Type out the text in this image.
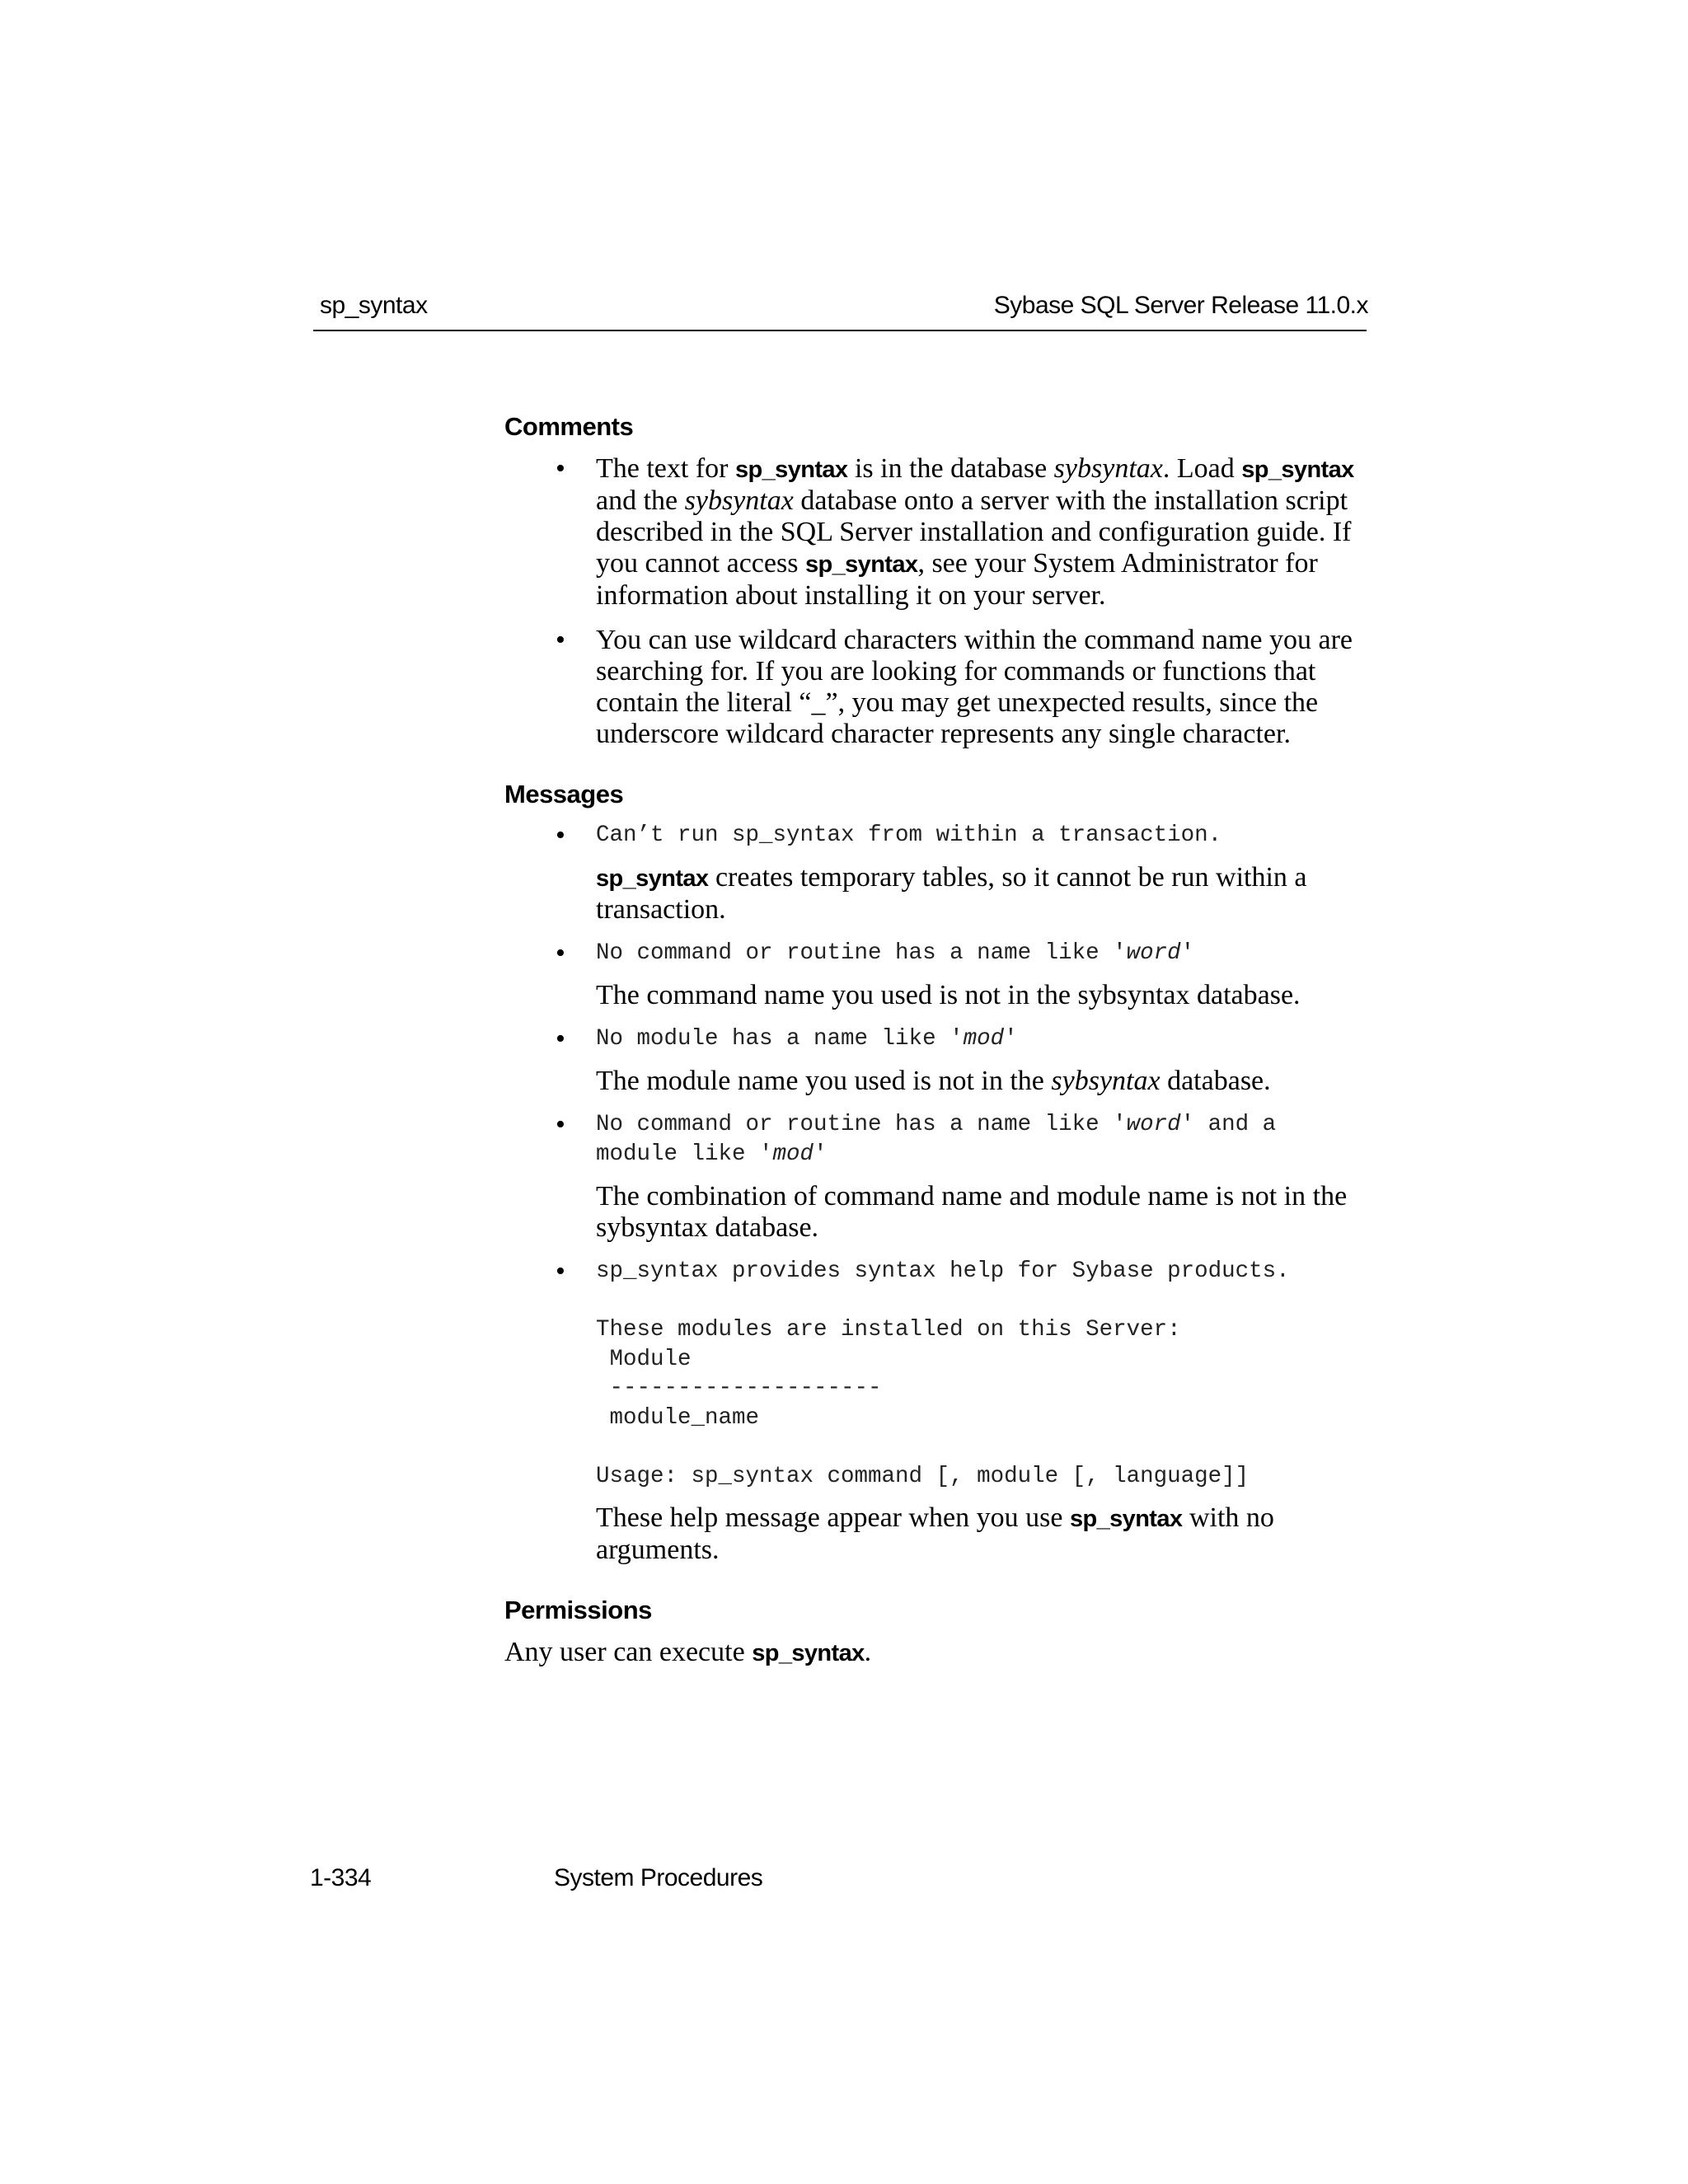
sp_syntax	Sybase SQL Server Release 11.0.x
Comments
• The text for sp_syntax is in the database sybsyntax. Load sp_syntax and the sybsyntax database onto a server with the installation script described in the SQL Server installation and configuration guide. If you cannot access sp_syntax, see your System Administrator for information about installing it on your server.

• You can use wildcard characters within the command name you are searching for. If you are looking for commands or functions that contain the literal “_”, you may get unexpected results, since the underscore wildcard character represents any single character.

Messages
• Can’t run sp_syntax from within a transaction.

sp_syntax creates temporary tables, so it cannot be run within a transaction.

• No command or routine has a name like 'word'

The command name you used is not in the sybsyntax database.

• No module has a name like 'mod'

The module name you used is not in the sybsyntax database.

• No command or routine has a name like 'word' and a

module like 'mod'

The combination of command name and module name is not in the sybsyntax database.

• sp_syntax provides syntax help for Sybase products.

These modules are installed on this Server:
Module
--------------------
module_name

Usage: sp_syntax command [, module [, language]]

These help message appear when you use sp_syntax with no arguments.

Permissions

Any user can execute sp_syntax.

1-334	System Procedures
